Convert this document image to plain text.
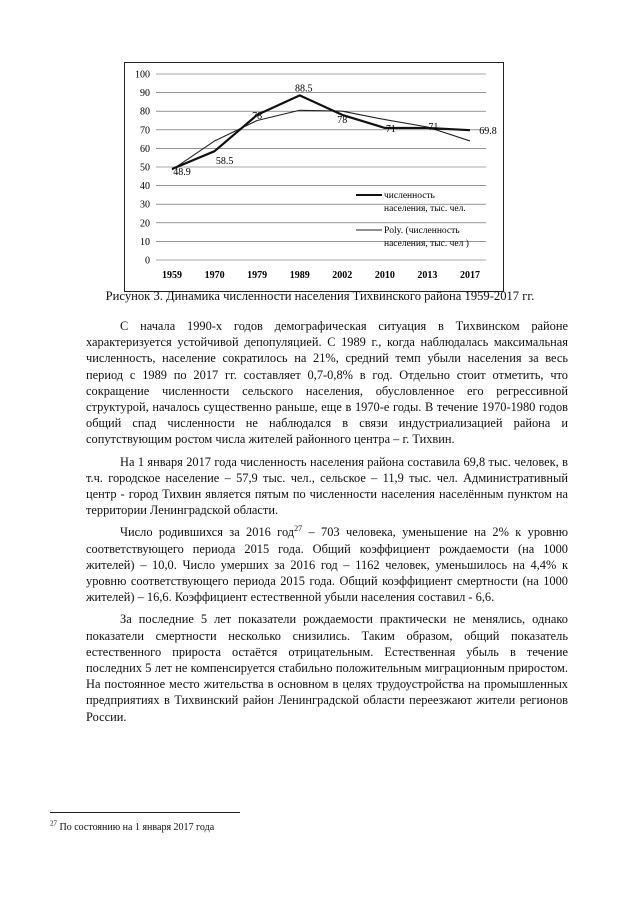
0
10
20
30
40
50
60
70
80
90
100
1959 1970 1979 1989 2002 2010 2013 2017
48.9
58.5
78
88.5
78
71	71	69.8
численность
населения, тыс. чел.
Poly. (численность
населения, тыс. чел )
Рисунок 3. Динамика численности населения Тихвинского района 1959-2017 гг.

С начала 1990-х годов демографическая ситуация в Тихвинском районе характеризуется устойчивой депопуляцией. С 1989 г., когда наблюдалась максимальная численность, население сократилось на 21%, средний темп убыли населения за весь период с 1989 по 2017 гг. составляет 0,7-0,8% в год. Отдельно стоит отметить, что сокращение численности сельского населения, обусловленное его регрессивной структурой, началось существенно раньше, еще в 1970-е годы. В течение 1970-1980 годов общий спад численности не наблюдался в связи индустриализацией района и сопутствующим ростом числа жителей районного центра – г. Тихвин.

На 1 января 2017 года численность населения района составила 69,8 тыс. человек, в т.ч. городское население – 57,9 тыс. чел., сельское – 11,9 тыс. чел. Административный центр - город Тихвин является пятым по численности населения населённым пунктом на территории Ленинградской области.

Число родившихся за 2016 год$^{27}$ – 703 человека, уменьшение на 2% к уровню соответствующего периода 2015 года. Общий коэффициент рождаемости (на 1000 жителей) – 10,0. Число умерших за 2016 год – 1162 человек, уменьшилось на 4,4% к уровню соответствующего периода 2015 года. Общий коэффициент смертности (на 1000 жителей) – 16,6. Коэффициент естественной убыли населения составил - 6,6.

За последние 5 лет показатели рождаемости практически не менялись, однако показатели смертности несколько снизились. Таким образом, общий показатель естественного прироста остаётся отрицательным. Естественная убыль в течение последних 5 лет не компенсируется стабильно положительным миграционным приростом. На постоянное место жительства в основном в целях трудоустройства на промышленных предприятиях в Тихвинский район Ленинградской области переезжают жители регионов России.

$^{27}$ По состоянию на 1 января 2017 года
